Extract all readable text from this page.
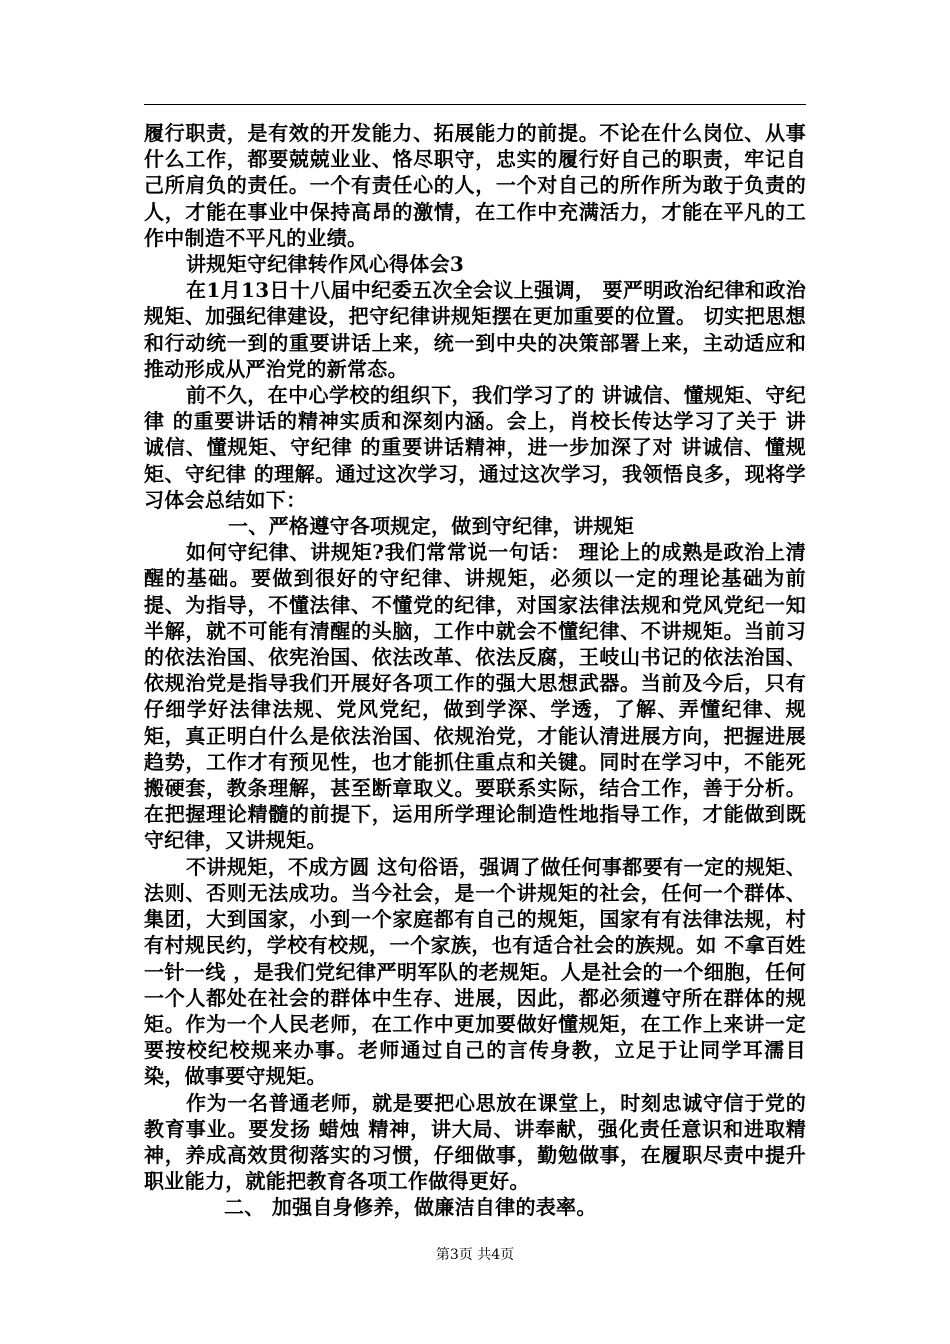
履行职责，是有效的开发能力、拓展能力的前提。不论在什么岗位、从事什么工作，都要兢兢业业、恪尽职守，忠实的履行好自己的职责，牢记自己所肩负的责任。一个有责任心的人，一个对自己的所作所为敢于负责的人，才能在事业中保持高昂的激情，在工作中充满活力，才能在平凡的工作中制造不平凡的业绩。

讲规矩守纪律转作风心得体会3

在1月13日十八届中纪委五次全会议上强调， 要严明政治纪律和政治规矩、加强纪律建设，把守纪律讲规矩摆在更加重要的位置。 切实把思想和行动统一到的重要讲话上来，统一到中央的决策部署上来，主动适应和推动形成从严治党的新常态。

前不久，在中心学校的组织下，我们学习了的 讲诚信、懂规矩、守纪律 的重要讲话的精神实质和深刻内涵。会上，肖校长传达学习了关于 讲诚信、懂规矩、守纪律 的重要讲话精神，进一步加深了对 讲诚信、懂规矩、守纪律 的理解。通过这次学习，通过这次学习，我领悟良多，现将学习体会总结如下：

一、严格遵守各项规定，做到守纪律，讲规矩

如何守纪律、讲规矩?我们常常说一句话： 理论上的成熟是政治上清醒的基础。要做到很好的守纪律、讲规矩，必须以一定的理论基础为前提、为指导，不懂法律、不懂党的纪律，对国家法律法规和党风党纪一知半解，就不可能有清醒的头脑，工作中就会不懂纪律、不讲规矩。当前习的依法治国、依宪治国、依法改革、依法反腐，王岐山书记的依法治国、依规治党是指导我们开展好各项工作的强大思想武器。当前及今后，只有仔细学好法律法规、党风党纪，做到学深、学透，了解、弄懂纪律、规矩，真正明白什么是依法治国、依规治党，才能认清进展方向，把握进展趋势，工作才有预见性，也才能抓住重点和关键。同时在学习中，不能死搬硬套，教条理解，甚至断章取义。要联系实际，结合工作，善于分析。在把握理论精髓的前提下，运用所学理论制造性地指导工作，才能做到既守纪律，又讲规矩。

不讲规矩，不成方圆 这句俗语，强调了做任何事都要有一定的规矩、法则、否则无法成功。当今社会，是一个讲规矩的社会，任何一个群体、集团，大到国家，小到一个家庭都有自己的规矩，国家有有法律法规，村有村规民约，学校有校规，一个家族，也有适合社会的族规。如 不拿百姓一针一线 ，是我们党纪律严明军队的老规矩。人是社会的一个细胞，任何一个人都处在社会的群体中生存、进展，因此，都必须遵守所在群体的规矩。作为一个人民老师，在工作中更加要做好懂规矩，在工作上来讲一定要按校纪校规来办事。老师通过自己的言传身教，立足于让同学耳濡目染，做事要守规矩。

作为一名普通老师，就是要把心思放在课堂上，时刻忠诚守信于党的教育事业。要发扬 蜡烛 精神，讲大局、讲奉献，强化责任意识和进取精神，养成高效贯彻落实的习惯，仔细做事，勤勉做事，在履职尽责中提升职业能力，就能把教育各项工作做得更好。

二、 加强自身修养，做廉洁自律的表率。

第3页 共4页
